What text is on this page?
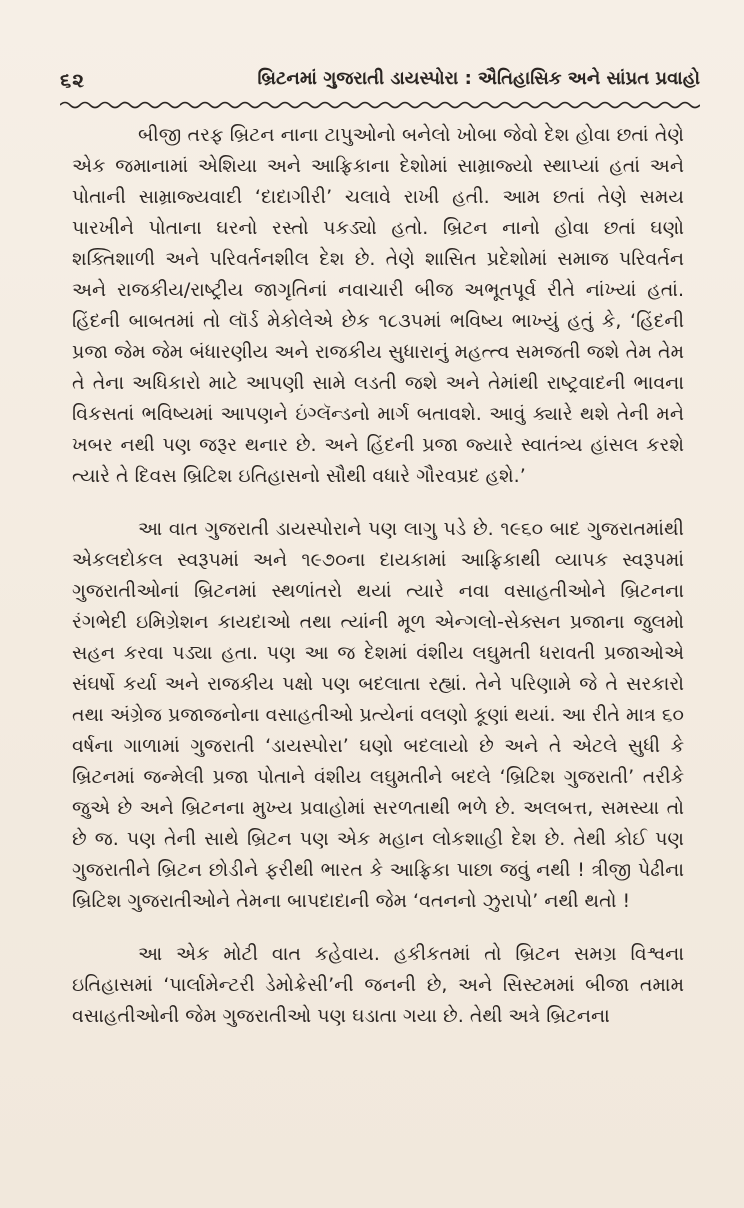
૬૨	બ્રિટનમાં ગુજરાતી ડાયસ્પોરા : ઐતિહાસિક અને સાંપ્રત પ્રવાહો

બીજી તરફ બ્રિટન નાના ટાપુઓનો બનેલો ખોબા જેવો દેશ હોવા છતાં તેણે એક જમાનામાં એશિયા અને આફ્રિકાના દેશોમાં સામ્રાજ્યો સ્થાપ્યાં હતાં અને પોતાની સામ્રાજ્યવાદી ‘દાદાગીરી’ ચલાવે રાખી હતી. આમ છતાં તેણે સમય પારખીને પોતાના ઘરનો રસ્તો પકડ્યો હતો. બ્રિટન નાનો હોવા છતાં ઘણો શક્તિશાળી અને પરિવર્તનશીલ દેશ છે. તેણે શાસિત પ્રદેશોમાં સમાજ પરિવર્તન અને રાજકીય/રાષ્ટ્રીય જાગૃતિનાં નવાચારી બીજ અભૂતપૂર્વ રીતે નાંખ્યાં હતાં. હિંદની બાબતમાં તો લૉર્ડ મેકોલેએ છેક ૧૮૩૫માં ભવિષ્ય ભાખ્યું હતું કે, ‘હિંદની પ્રજા જેમ જેમ બંધારણીય અને રાજકીય સુધારાનું મહત્ત્વ સમજતી જશે તેમ તેમ તે તેના અધિકારો માટે આપણી સામે લડતી જશે અને તેમાંથી રાષ્ટ્રવાદની ભાવના વિકસતાં ભવિષ્યમાં આપણને ઇંગ્લૅન્ડનો માર્ગ બતાવશે. આવું ક્યારે થશે તેની મને ખબર નથી પણ જરૂર થનાર છે. અને હિંદની પ્રજા જ્યારે સ્વાતંત્ર્ય હાંસલ કરશે ત્યારે તે દિવસ બ્રિટિશ ઇતિહાસનો સૌથી વધારે ગૌરવપ્રદ હશે.’

આ વાત ગુજરાતી ડાયસ્પોરાને પણ લાગુ પડે છે. ૧૯૬૦ બાદ ગુજરાતમાંથી એકલદોકલ સ્વરૂપમાં અને ૧૯૭૦ના દાયકામાં આફ્રિકાથી વ્યાપક સ્વરૂપમાં ગુજરાતીઓનાં બ્રિટનમાં સ્થળાંતરો થયાં ત્યારે નવા વસાહતીઓને બ્રિટનના રંગભેદી ઇમિગ્રેશન કાયદાઓ તથા ત્યાંની મૂળ એન્ગલો-સેક્સન પ્રજાના જુલમો સહન કરવા પડ્યા હતા. પણ આ જ દેશમાં વંશીય લઘુમતી ધરાવતી પ્રજાઓએ સંઘર્ષો કર્યા અને રાજકીય પક્ષો પણ બદલાતા રહ્યાં. તેને પરિણામે જે તે સરકારો તથા અંગ્રેજ પ્રજાજનોના વસાહતીઓ પ્રત્યેનાં વલણો કૂણાં થયાં. આ રીતે માત્ર ૬૦ વર્ષના ગાળામાં ગુજરાતી ‘ડાયસ્પોરા’ ઘણો બદલાયો છે અને તે એટલે સુધી કે બ્રિટનમાં જન્મેલી પ્રજા પોતાને વંશીય લઘુમતીને બદલે ‘બ્રિટિશ ગુજરાતી’ તરીકે જુએ છે અને બ્રિટનના મુખ્ય પ્રવાહોમાં સરળતાથી ભળે છે. અલબત્ત, સમસ્યા તો છે જ. પણ તેની સાથે બ્રિટન પણ એક મહાન લોકશાહી દેશ છે. તેથી કોઈ પણ ગુજરાતીને બ્રિટન છોડીને ફરીથી ભારત કે આફ્રિકા પાછા જવું નથી ! ત્રીજી પેઢીના બ્રિટિશ ગુજરાતીઓને તેમના બાપદાદાની જેમ ‘વતનનો ઝુરાપો’ નથી થતો !

આ એક મોટી વાત કહેવાય. હકીકતમાં તો બ્રિટન સમગ્ર વિશ્વના ઇતિહાસમાં ‘પાર્લામેન્ટરી ડેમોક્રેસી’ની જનની છે, અને સિસ્ટમમાં બીજા તમામ વસાહતીઓની જેમ ગુજરાતીઓ પણ ઘડાતા ગયા છે. તેથી અત્રે બ્રિટનના
